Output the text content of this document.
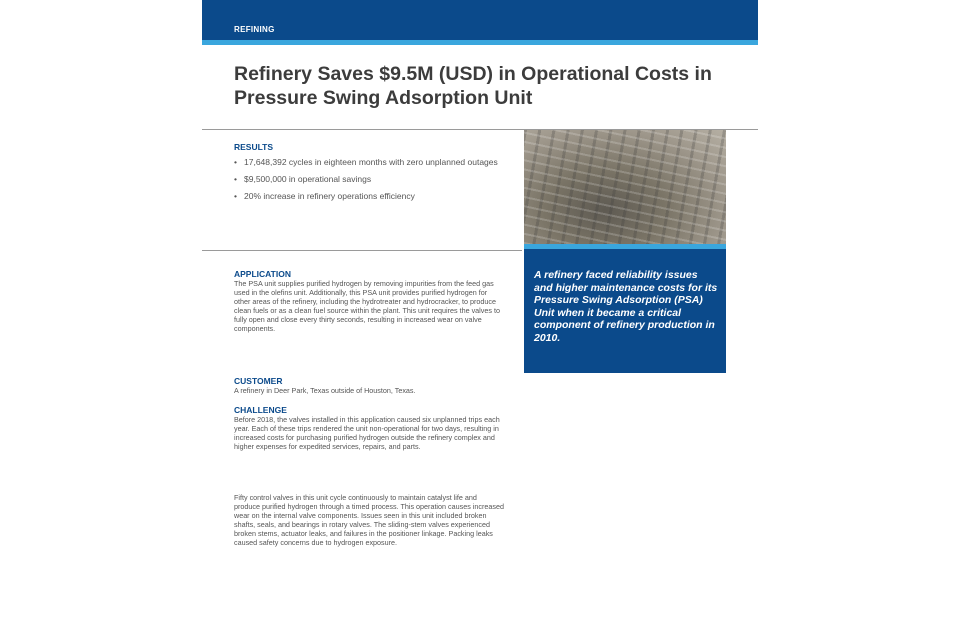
REFINING
Refinery Saves $9.5M (USD) in Operational Costs in Pressure Swing Adsorption Unit
RESULTS
• 17,648,392 cycles in eighteen months with zero unplanned outages
• $9,500,000 in operational savings
• 20% increase in refinery operations efficiency
A refinery faced reliability issues and higher maintenance costs for its Pressure Swing Adsorption (PSA) Unit when it became a critical component of refinery production in 2010.
APPLICATION
The PSA unit supplies purified hydrogen by removing impurities from the feed gas used in the olefins unit. Additionally, this PSA unit provides purified hydrogen for other areas of the refinery, including the hydrotreater and hydrocracker, to produce clean fuels or as a clean fuel source within the plant. This unit requires the valves to fully open and close every thirty seconds, resulting in increased wear on valve components.
CUSTOMER
A refinery in Deer Park, Texas outside of Houston, Texas.
CHALLENGE
Before 2018, the valves installed in this application caused six unplanned trips each year. Each of these trips rendered the unit non-operational for two days, resulting in increased costs for purchasing purified hydrogen outside the refinery complex and higher expenses for expedited services, repairs, and parts.
Fifty control valves in this unit cycle continuously to maintain catalyst life and produce purified hydrogen through a timed process. This operation causes increased wear on the internal valve components. Issues seen in this unit included broken shafts, seals, and bearings in rotary valves. The sliding-stem valves experienced broken stems, actuator leaks, and failures in the positioner linkage. Packing leaks caused safety concerns due to hydrogen exposure.
